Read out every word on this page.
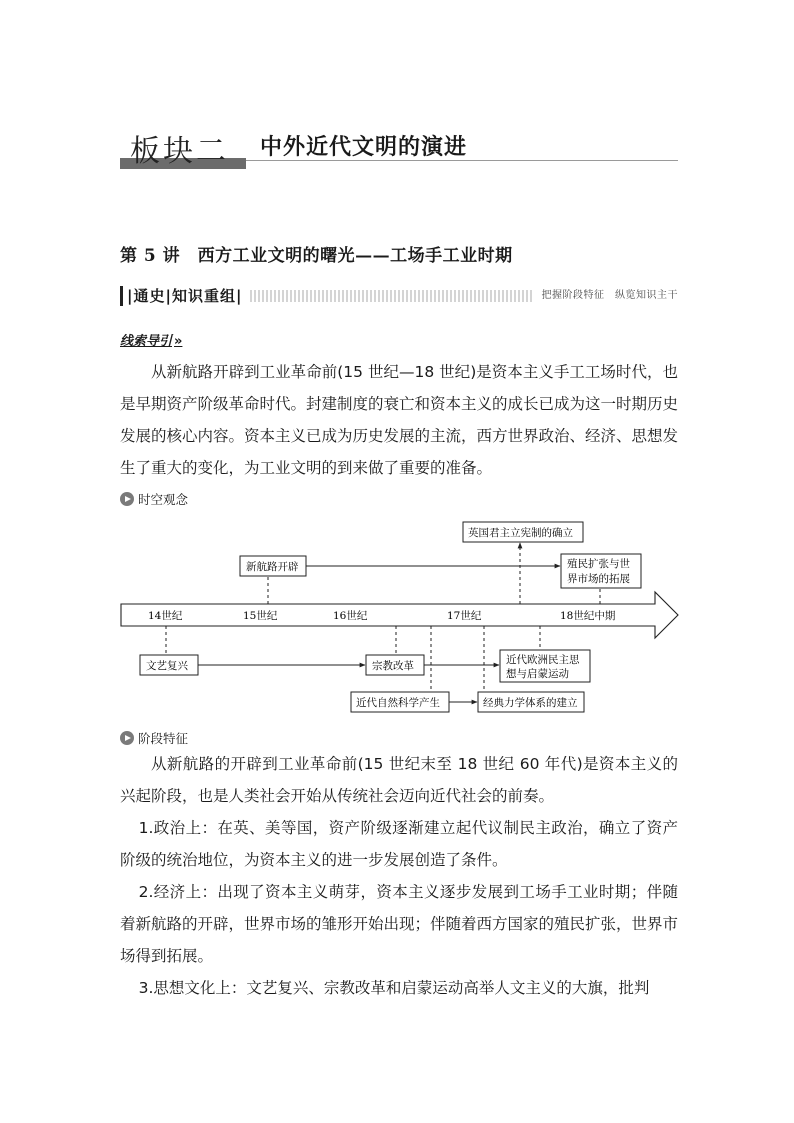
板块二	中外近代文明的演进
第 5 讲　西方工业文明的曙光——工场手工业时期
|通史|知识重组|	把握阶段特征　纵览知识主干
线索导引 »

从新航路开辟到工业革命前(15 世纪—18 世纪)是资本主义手工工场时代，也是早期资产阶级革命时代。封建制度的衰亡和资本主义的成长已成为这一时期历史发展的核心内容。资本主义已成为历史发展的主流，西方世界政治、经济、思想发生了重大的变化，为工业文明的到来做了重要的准备。

时空观念
14世纪	15世纪	16世纪	17世纪	18世纪中期
英国君主立宪制的确立
新航路开辟	殖民扩张与世
界市场的拓展
文艺复兴	宗教改革	近代欧洲民主思
想与启蒙运动
近代自然科学产生	经典力学体系的建立
阶段特征

从新航路的开辟到工业革命前(15 世纪末至 18 世纪 60 年代)是资本主义的兴起阶段，也是人类社会开始从传统社会迈向近代社会的前奏。

1.政治上：在英、美等国，资产阶级逐渐建立起代议制民主政治，确立了资产阶级的统治地位，为资本主义的进一步发展创造了条件。

2.经济上：出现了资本主义萌芽，资本主义逐步发展到工场手工业时期；伴随着新航路的开辟，世界市场的雏形开始出现；伴随着西方国家的殖民扩张，世界市场得到拓展。

3.思想文化上：文艺复兴、宗教改革和启蒙运动高举人文主义的大旗，批判
